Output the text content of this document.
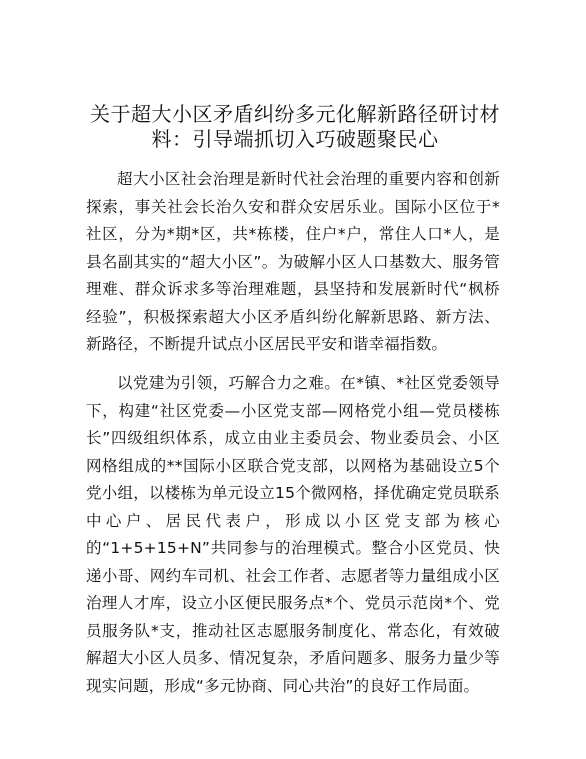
关于超大小区矛盾纠纷多元化解新路径研讨材料：引导端抓切入巧破题聚民心

超大小区社会治理是新时代社会治理的重要内容和创新探索，事关社会长治久安和群众安居乐业。国际小区位于*社区，分为*期*区，共*栋楼，住户*户，常住人口*人，是县名副其实的“超大小区”。为破解小区人口基数大、服务管理难、群众诉求多等治理难题，县坚持和发展新时代“枫桥经验”，积极探索超大小区矛盾纠纷化解新思路、新方法、新路径，不断提升试点小区居民平安和谐幸福指数。

以党建为引领，巧解合力之难。在*镇、*社区党委领导下，构建“社区党委—小区党支部—网格党小组—党员楼栋长”四级组织体系，成立由业主委员会、物业委员会、小区网格组成的**国际小区联合党支部，以网格为基础设立5个党小组，以楼栋为单元设立15个微网格，择优确定党员联系中心户、居民代表户，形成以小区党支部为核心的“1+5+15+N”共同参与的治理模式。整合小区党员、快递小哥、网约车司机、社会工作者、志愿者等力量组成小区治理人才库，设立小区便民服务点*个、党员示范岗*个、党员服务队*支，推动社区志愿服务制度化、常态化，有效破解超大小区人员多、情况复杂，矛盾问题多、服务力量少等现实问题，形成“多元协商、同心共治”的良好工作局面。
